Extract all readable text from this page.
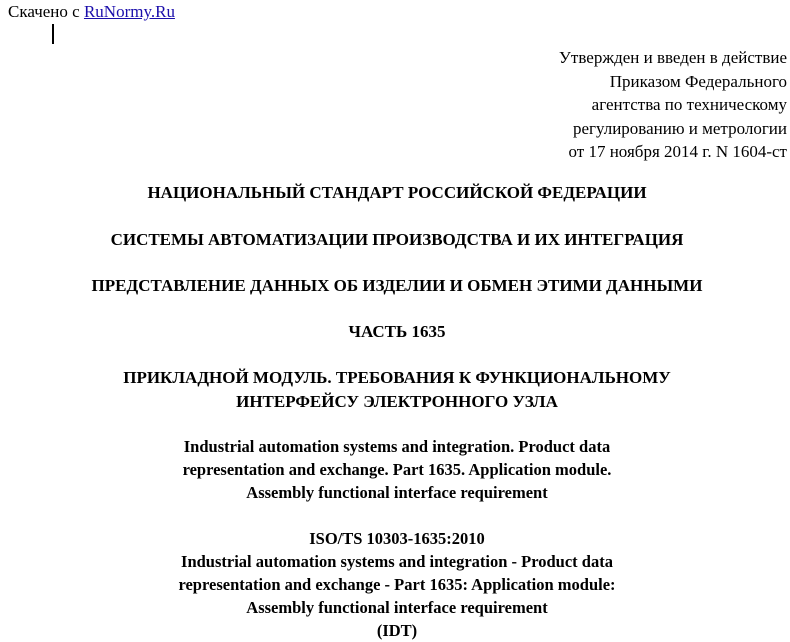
Скачено с RuNormy.Ru
Утвержден и введен в действие
Приказом Федерального
агентства по техническому
регулированию и метрологии
от 17 ноября 2014 г. N 1604-ст
НАЦИОНАЛЬНЫЙ СТАНДАРТ РОССИЙСКОЙ ФЕДЕРАЦИИ
СИСТЕМЫ АВТОМАТИЗАЦИИ ПРОИЗВОДСТВА И ИХ ИНТЕГРАЦИЯ
ПРЕДСТАВЛЕНИЕ ДАННЫХ ОБ ИЗДЕЛИИ И ОБМЕН ЭТИМИ ДАННЫМИ
ЧАСТЬ 1635
ПРИКЛАДНОЙ МОДУЛЬ. ТРЕБОВАНИЯ К ФУНКЦИОНАЛЬНОМУ
ИНТЕРФЕЙСУ ЭЛЕКТРОННОГО УЗЛА
Industrial automation systems and integration. Product data
representation and exchange. Part 1635. Application module.
Assembly functional interface requirement
ISO/TS 10303-1635:2010
Industrial automation systems and integration - Product data
representation and exchange - Part 1635: Application module:
Assembly functional interface requirement
(IDT)
